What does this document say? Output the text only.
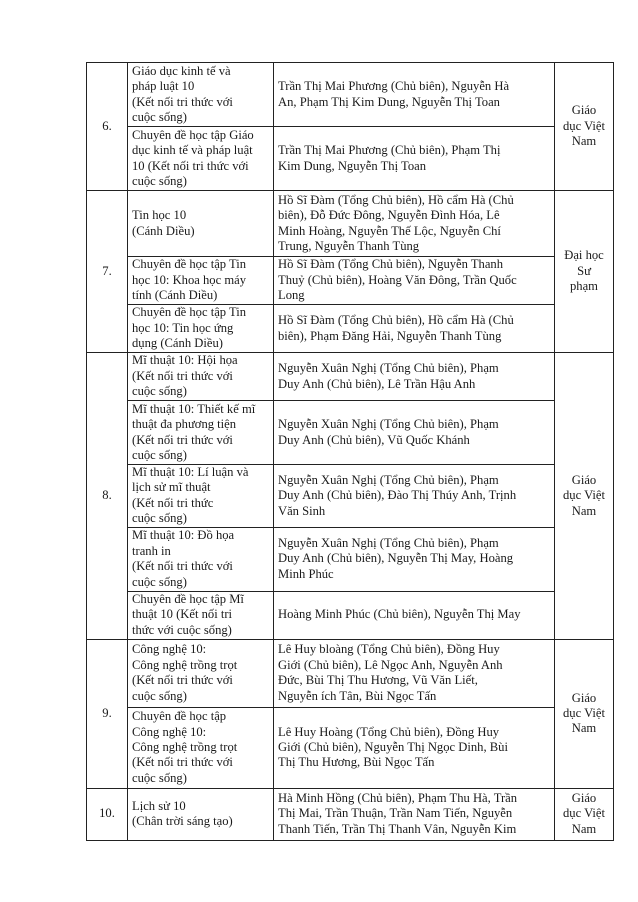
6.	Giáo dục kinh tế và
pháp luật 10
(Kết nối tri thức với
cuộc sống)	Trần Thị Mai Phương (Chủ biên), Nguyễn Hà
An, Phạm Thị Kim Dung, Nguyễn Thị Toan	Giáo
dục Việt
Nam
	Chuyên đề học tập Giáo
dục kinh tế và pháp luật
10 (Kết nối tri thức với
cuộc sống)	Trần Thị Mai Phương (Chủ biên), Phạm Thị
Kim Dung, Nguyễn Thị Toan	
7.	Tin học 10
(Cánh Diều)	Hồ Sĩ Đàm (Tổng Chủ biên), Hồ cẩm Hà (Chủ
biên), Đỗ Đức Đông, Nguyễn Đình Hóa, Lê
Minh Hoàng, Nguyễn Thế Lộc, Nguyễn Chí
Trung, Nguyễn Thanh Tùng	Đại học
Sư
phạm
	Chuyên đề học tập Tin
học 10: Khoa học máy
tính (Cánh Diều)	Hồ Sĩ Đàm (Tổng Chủ biên), Nguyễn Thanh
Thuỷ (Chủ biên), Hoàng Văn Đông, Trần Quốc
Long	
	Chuyên đề học tập Tin
học 10: Tin học ứng
dụng (Cánh Diều)	Hồ Sĩ Đàm (Tổng Chủ biên), Hồ cẩm Hà (Chủ
biên), Phạm Đăng Hải, Nguyễn Thanh Tùng	
8.	Mĩ thuật 10: Hội họa
(Kết nối tri thức với
cuộc sống)	Nguyễn Xuân Nghị (Tổng Chủ biên), Phạm
Duy Anh (Chủ biên), Lê Trần Hậu Anh	Giáo
dục Việt
Nam
	Mĩ thuật 10: Thiết kế mĩ
thuật đa phương tiện
(Kết nối tri thức với
cuộc sống)	Nguyễn Xuân Nghị (Tổng Chủ biên), Phạm
Duy Anh (Chủ biên), Vũ Quốc Khánh	
	Mĩ thuật 10: Lí luận và
lịch sử mĩ thuật
(Kết nối tri thức
cuộc sống)	Nguyễn Xuân Nghị (Tổng Chủ biên), Phạm
Duy Anh (Chủ biên), Đào Thị Thúy Anh, Trịnh
Văn Sinh	
	Mĩ thuật 10: Đồ họa
tranh in
(Kết nối tri thức với
cuộc sống)	Nguyễn Xuân Nghị (Tổng Chủ biên), Phạm
Duy Anh (Chủ biên), Nguyễn Thị May, Hoàng
Minh Phúc	
	Chuyên đề học tập Mĩ
thuật 10 (Kết nối tri
thức với cuộc sống)	Hoàng Minh Phúc (Chủ biên), Nguyễn Thị May	
9.	Công nghệ 10:
Công nghệ trồng trọt
(Kết nối tri thức với
cuộc sống)	Lê Huy bloàng (Tổng Chủ biên), Đồng Huy
Giới (Chủ biên), Lê Ngọc Anh, Nguyễn Anh
Đức, Bùi Thị Thu Hương, Vũ Văn Liết,
Nguyễn ích Tân, Bùi Ngọc Tấn	Giáo
dục Việt
Nam
	Chuyên đề học tập
Công nghệ 10:
Công nghệ trồng trọt
(Kết nối tri thức với
cuộc sống)	Lê Huy Hoàng (Tổng Chủ biên), Đồng Huy
Giới (Chủ biên), Nguyễn Thị Ngọc Dinh, Bùi
Thị Thu Hương, Bùi Ngọc Tấn	
10.	Lịch sử 10
(Chân trời sáng tạo)	Hà Minh Hồng (Chủ biên), Phạm Thu Hà, Trần
Thị Mai, Trần Thuận, Trần Nam Tiến, Nguyễn
Thanh Tiến, Trần Thị Thanh Vân, Nguyễn Kim	Giáo
dục Việt
Nam
